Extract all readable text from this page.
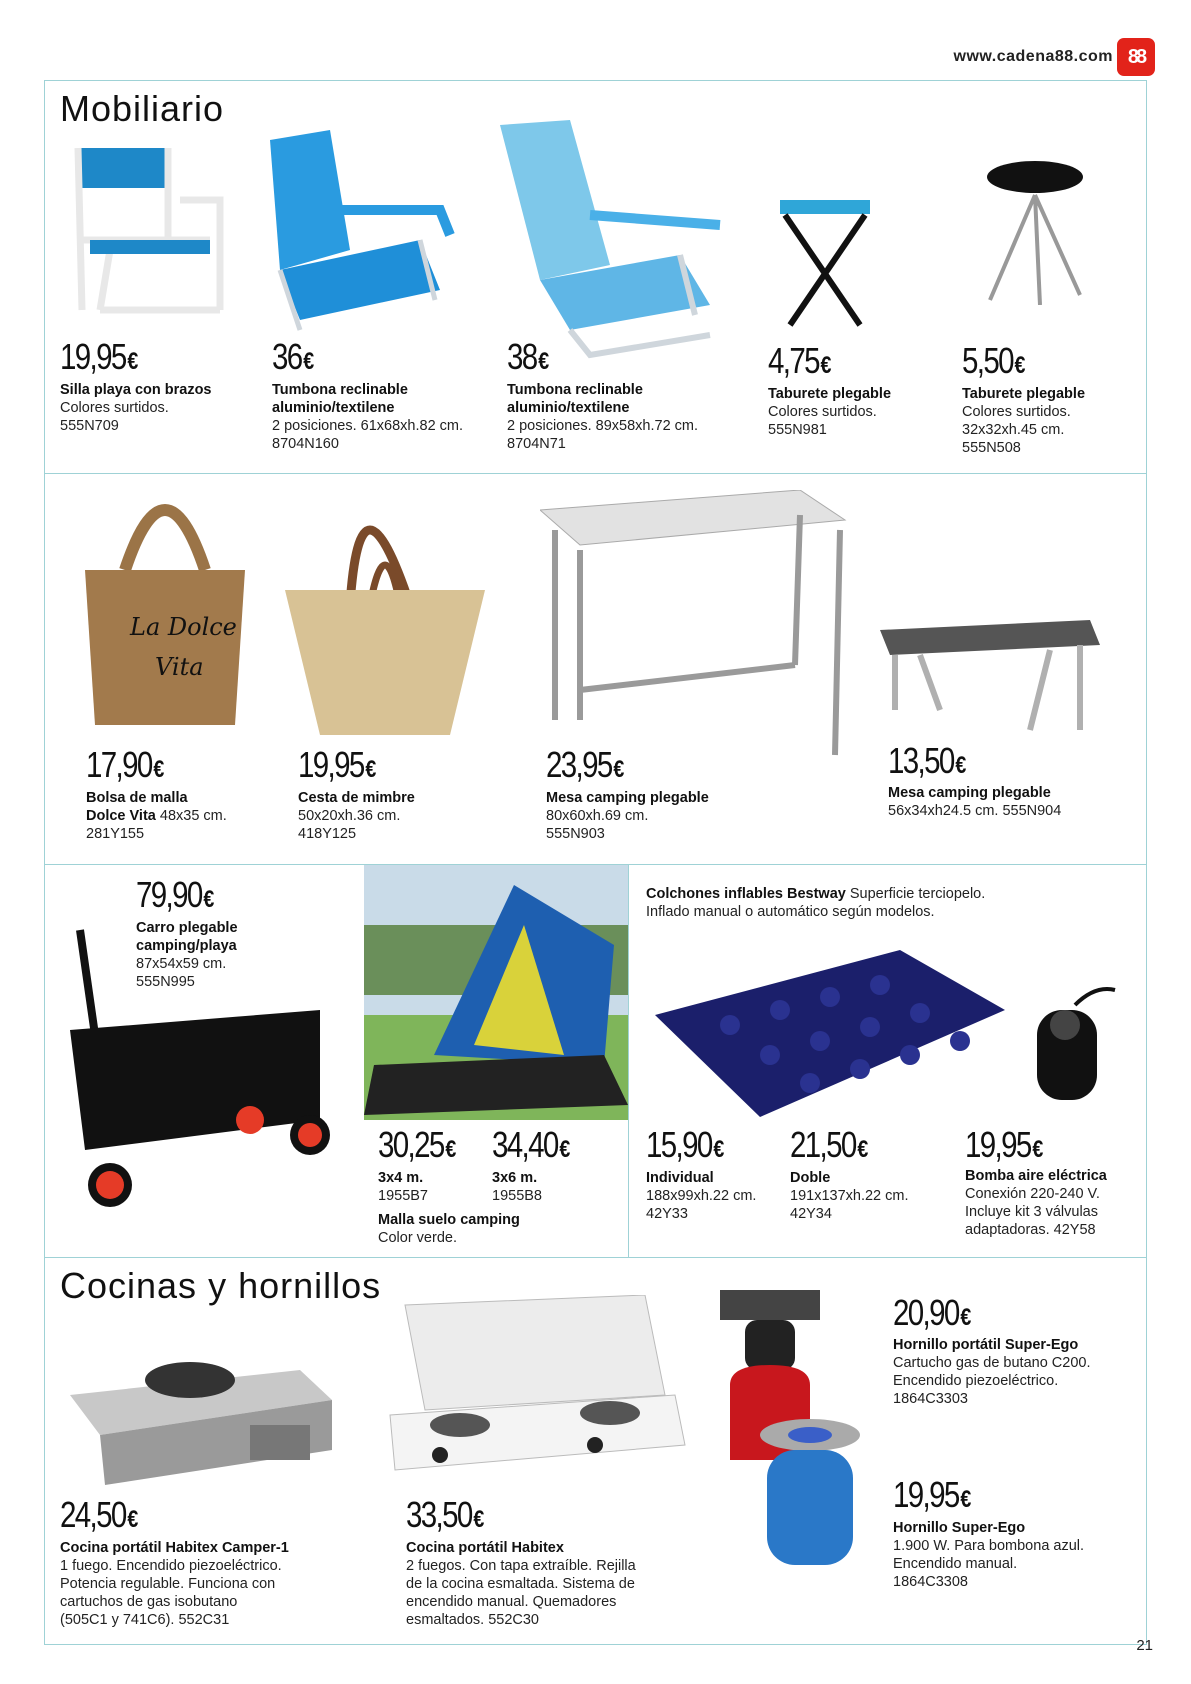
www.cadena88.com 88
Mobiliario
19,95€
Silla playa con brazos
Colores surtidos.
555N709
36€
Tumbona reclinable
aluminio/textilene
2 posiciones. 61x68xh.82 cm.
8704N160
38€
Tumbona reclinable
aluminio/textilene
2 posiciones. 89x58xh.72 cm.
8704N71
4,75€
Taburete plegable
Colores surtidos.
555N981
5,50€
Taburete plegable
Colores surtidos.
32x32xh.45 cm.
555N508
La Dolce
Vita
17,90€
Bolsa de malla
Dolce Vita 48x35 cm.
281Y155
19,95€
Cesta de mimbre
50x20xh.36 cm.
418Y125
23,95€
Mesa camping plegable
80x60xh.69 cm.
555N903
13,50€
Mesa camping plegable
56x34xh24.5 cm. 555N904
79,90€
Carro plegable
camping/playa
87x54x59 cm.
555N995
30,25€ 34,40€
3x4 m.
1955B7
3x6 m.
1955B8
Malla suelo camping
Color verde.
Colchones inflables Bestway Superficie terciopelo.
Inflado manual o automático según modelos.
15,90€
Individual
188x99xh.22 cm.
42Y33
21,50€
Doble
191x137xh.22 cm.
42Y34
19,95€
Bomba aire eléctrica
Conexión 220-240 V.
Incluye kit 3 válvulas
adaptadoras. 42Y58
Cocinas y hornillos
24,50€
Cocina portátil Habitex Camper-1
1 fuego. Encendido piezoeléctrico.
Potencia regulable. Funciona con
cartuchos de gas isobutano
(505C1 y 741C6). 552C31
33,50€
Cocina portátil Habitex
2 fuegos. Con tapa extraíble. Rejilla
de la cocina esmaltada. Sistema de
encendido manual. Quemadores
esmaltados. 552C30
20,90€
Hornillo portátil Super-Ego
Cartucho gas de butano C200.
Encendido piezoeléctrico.
1864C3303
19,95€
Hornillo Super-Ego
1.900 W. Para bombona azul.
Encendido manual.
1864C3308
21
